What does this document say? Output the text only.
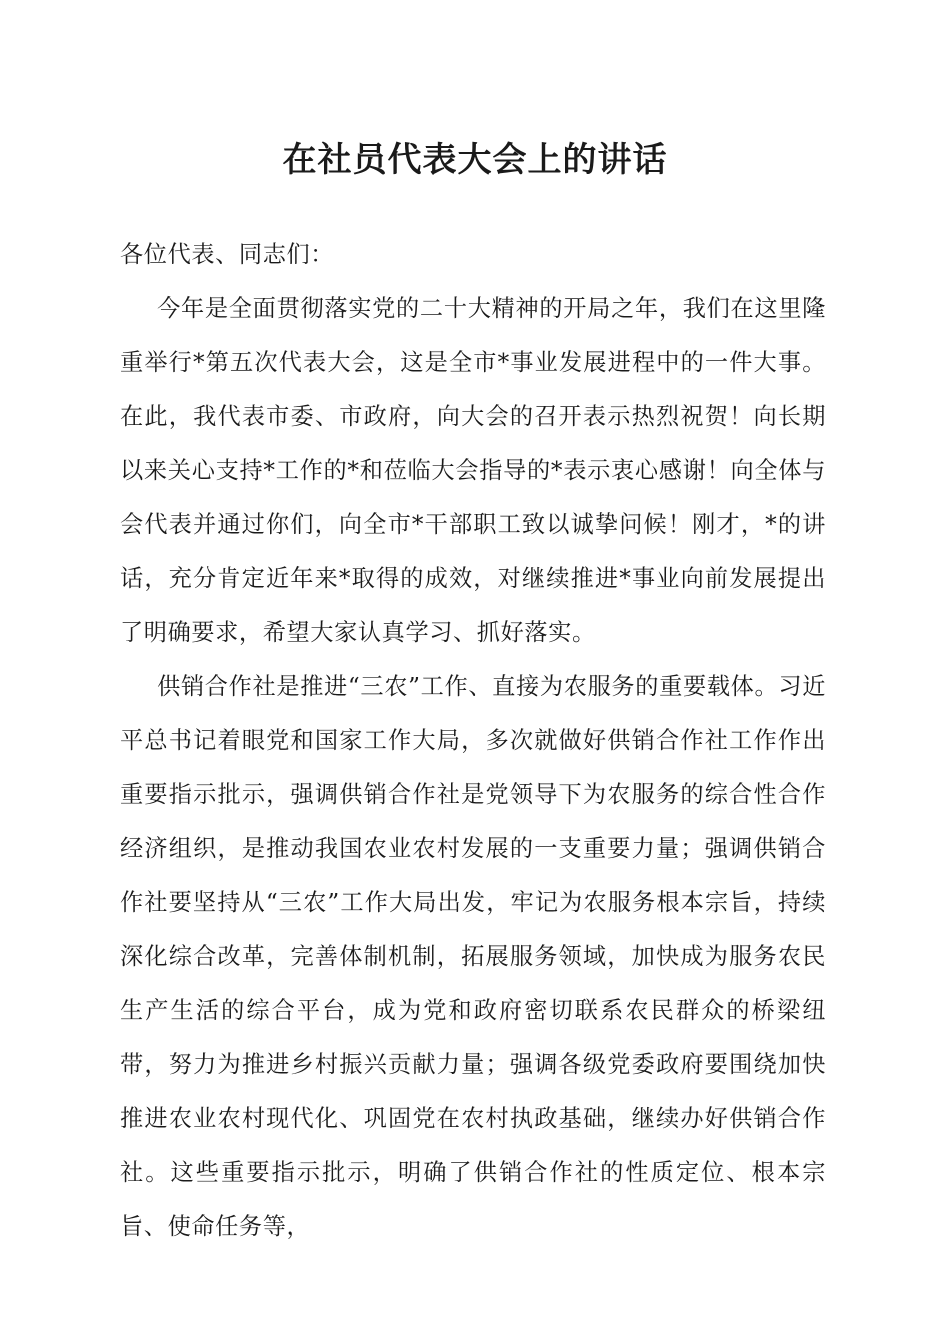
在社员代表大会上的讲话

各位代表、同志们：

今年是全面贯彻落实党的二十大精神的开局之年，我们在这里隆重举行*第五次代表大会，这是全市*事业发展进程中的一件大事。在此，我代表市委、市政府，向大会的召开表示热烈祝贺！向长期以来关心支持*工作的*和莅临大会指导的*表示衷心感谢！向全体与会代表并通过你们，向全市*干部职工致以诚挚问候！刚才，*的讲话，充分肯定近年来*取得的成效，对继续推进*事业向前发展提出了明确要求，希望大家认真学习、抓好落实。

供销合作社是推进“三农”工作、直接为农服务的重要载体。习近平总书记着眼党和国家工作大局，多次就做好供销合作社工作作出重要指示批示，强调供销合作社是党领导下为农服务的综合性合作经济组织，是推动我国农业农村发展的一支重要力量；强调供销合作社要坚持从“三农”工作大局出发，牢记为农服务根本宗旨，持续深化综合改革，完善体制机制，拓展服务领域，加快成为服务农民生产生活的综合平台，成为党和政府密切联系农民群众的桥梁纽带，努力为推进乡村振兴贡献力量；强调各级党委政府要围绕加快推进农业农村现代化、巩固党在农村执政基础，继续办好供销合作社。这些重要指示批示，明确了供销合作社的性质定位、根本宗旨、使命任务等，
